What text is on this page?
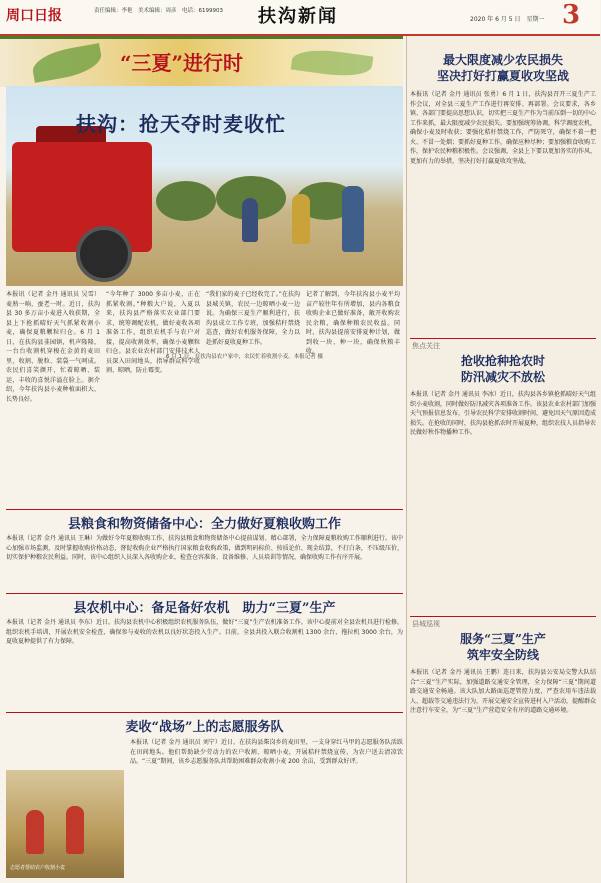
周口日报	责任编辑：李艳　美术编辑：周彦　电话：6199903	扶沟新闻	2020 年 6 月 5 日　星期一 3
“三夏”进行时
扶沟：抢天夺时麦收忙
6 月 1 日，在扶沟县农户家中，农民忙着收割小麦。本报记者 摄
本报讯（记者 金丹 通讯员 吴雪）麦熟一晌，蚕老一时。近日，扶沟县 30 多万亩小麦进入收获期，全县上下抢抓晴好天气抓紧收割小麦，确保夏粮颗粒归仓。6 月 1 日，在扶沟县韭园镇，机声隆隆，一台台收割机穿梭在金黄的麦田里，收割、脱粒、装袋一气呵成。农民们喜笑颜开，忙着晾晒、装运，丰收的喜悦洋溢在脸上。据介绍，今年扶沟县小麦种植面积大，长势良好。
“今年种了 3000 多亩小麦，正在抓紧收割。”种粮大户说，入夏以来，扶沟县严格落实农业部门要求，统筹调配农机，做好麦收各项准备工作，组织农机手与农户对接，提高收割效率，确保小麦颗粒归仓。县农业农村部门安排技术人员深入田间地头，指导群众科学收割、晾晒，防止霉变。
“我们家的麦子已经收完了。”在扶沟县城关镇，农民一边晾晒小麦一边说。为确保三夏生产顺利进行，扶沟县成立工作专班，加强秸秆禁烧巡查，做好农机服务保障，全力以赴抓好夏收夏种工作。
记者了解到，今年扶沟县小麦平均亩产较往年有所增加，县内各粮食收购企业已做好准备，敞开收购农民余粮，确保种粮农民收益。同时，扶沟县提前安排夏种计划，做到收一块、种一块，确保秋粮丰收。
县粮食和物资储备中心：全力做好夏粮收购工作
本报讯（记者 金丹 通讯员 王琳）为做好今年夏粮收购工作，扶沟县粮食和物资储备中心提前谋划、精心部署，全力保障夏粮收购工作顺利进行。该中心加强市场监测，及时掌握收购价格动态，督促收购企业严格执行国家粮食收购政策，做到明码标价、按质论价、现金结算，不打白条，不压级压价，切实保护种粮农民利益。同时，该中心组织人员深入各收购企业，检查仓容准备、设备维修、人员培训等情况，确保收购工作有序开展。
县农机中心：备足备好农机　助力“三夏”生产
本报讯（记者 金丹 通讯员 李东）近日，扶沟县农机中心积极组织农机服务队伍，做好“三夏”生产农机准备工作。该中心提前对全县农机具进行检修，组织农机手培训，开展农机安全检查，确保参与麦收的农机以良好状态投入生产。目前，全县共投入联合收割机 1300 余台，拖拉机 3000 余台，为夏收夏种提供了有力保障。
麦收“战场”上的志愿服务队
志愿者帮助农户收割小麦
本报讯（记者 金丹 通讯员 刘宁）近日，在扶沟县柴岗乡的麦田里，一支身穿红马甲的志愿服务队活跃在田间地头。他们帮助缺少劳动力的农户收割、晾晒小麦，开展秸秆禁烧宣传，为农户送去清凉饮品。“三夏”期间，该乡志愿服务队共帮助困难群众收割小麦 200 余亩，受到群众好评。
最大限度减少农民损失
坚决打好打赢夏收攻坚战
本报讯（记者 金丹 通讯员 张勇）6 月 1 日，扶沟县召开三夏生产工作会议，对全县三夏生产工作进行再安排、再部署。会议要求，各乡镇、各部门要提高思想认识，切实把三夏生产作为当前压倒一切的中心工作来抓，最大限度减少农民损失。要加强统筹协调，科学调度农机，确保小麦及时收获；要强化秸秆禁烧工作，严防死守，确保不着一把火、不冒一处烟；要抓好夏种工作，确保应种尽种；要加强粮食收购工作，保护农民种粮积极性。会议强调，全县上下要以更加务实的作风、更加有力的举措，坚决打好打赢夏收攻坚战。
焦点关注
抢收抢种抢农时
防汛减灾不放松
本报讯（记者 金丹 通讯员 李冰）近日，扶沟县各乡镇抢抓晴好天气组织小麦收割，同时做好防汛减灾各项准备工作。该县农业农村部门加强天气预报信息发布，引导农民科学安排收割时间，避免因天气原因造成损失。在抢收的同时，扶沟县抢抓农时开展夏种，组织农技人员指导农民做好秋作物播种工作。
县城巡视
服务“三夏”生产
筑牢安全防线
本报讯（记者 金丹 通讯员 王鹏）连日来，扶沟县公安局交警大队结合“三夏”生产实际，加强道路交通安全管理，全力保障“三夏”期间道路交通安全畅通。该大队加大路面巡逻管控力度，严查农用车违法载人、超载等交通违法行为，开展交通安全宣传进村入户活动，提醒群众注意行车安全，为“三夏”生产营造安全有序的道路交通环境。
